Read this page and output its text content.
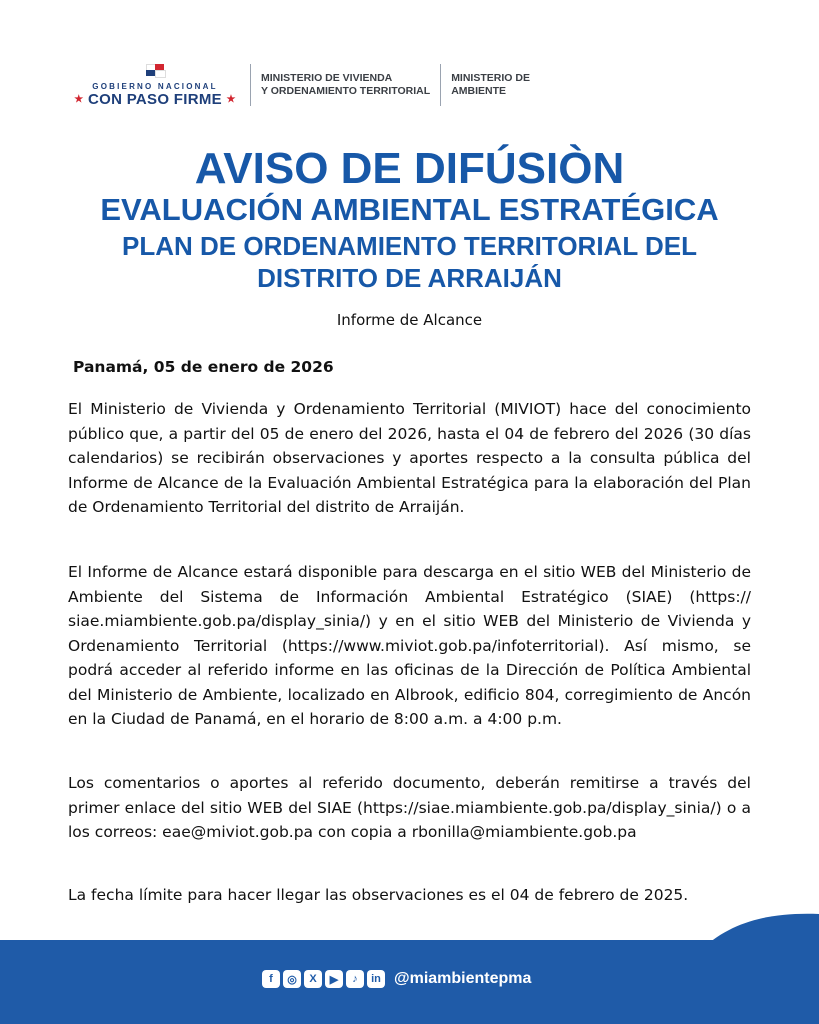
GOBIERNO NACIONAL
★ CON PASO FIRME ★
MINISTERIO DE VIVIENDA
Y ORDENAMIENTO TERRITORIAL
MINISTERIO DE
AMBIENTE
AVISO DE DIFÚSIÒN
EVALUACIÓN AMBIENTAL ESTRATÉGICA
PLAN DE ORDENAMIENTO TERRITORIAL DEL
DISTRITO DE ARRAIJÁN
Informe de Alcance
Panamá, 05 de enero de 2026
El Ministerio de Vivienda y Ordenamiento Territorial (MIVIOT) hace del conocimiento público que, a partir del 05 de enero del 2026, hasta el 04 de febrero del 2026 (30 días calendarios) se recibirán observaciones y aportes respecto a la consulta pública del Informe de Alcance de la Evaluación Ambiental Estratégica para la elaboración del Plan de Ordenamiento Territorial del distrito de Arraiján.
El Informe de Alcance estará disponible para descarga en el sitio WEB del Ministerio de Ambiente del Sistema de Información Ambiental Estratégico (SIAE) (https:// siae.miambiente.gob.pa/display_sinia/) y en el sitio WEB del Ministerio de Vivienda y Ordenamiento Territorial (https://www.miviot.gob.pa/infoterritorial). Así mismo, se podrá acceder al referido informe en las oficinas de la Dirección de Política Ambiental del Ministerio de Ambiente, localizado en Albrook, edificio 804, corregimiento de Ancón en la Ciudad de Panamá, en el horario de 8:00 a.m. a 4:00 p.m.
Los comentarios o aportes al referido documento, deberán remitirse a través del primer enlace del sitio WEB del SIAE (https://siae.miambiente.gob.pa/display_sinia/) o a los correos: eae@miviot.gob.pa con copia a rbonilla@miambiente.gob.pa
La fecha límite para hacer llegar las observaciones es el 04 de febrero de 2025.
f	◎	X	▶	♪	in @miambientepma
